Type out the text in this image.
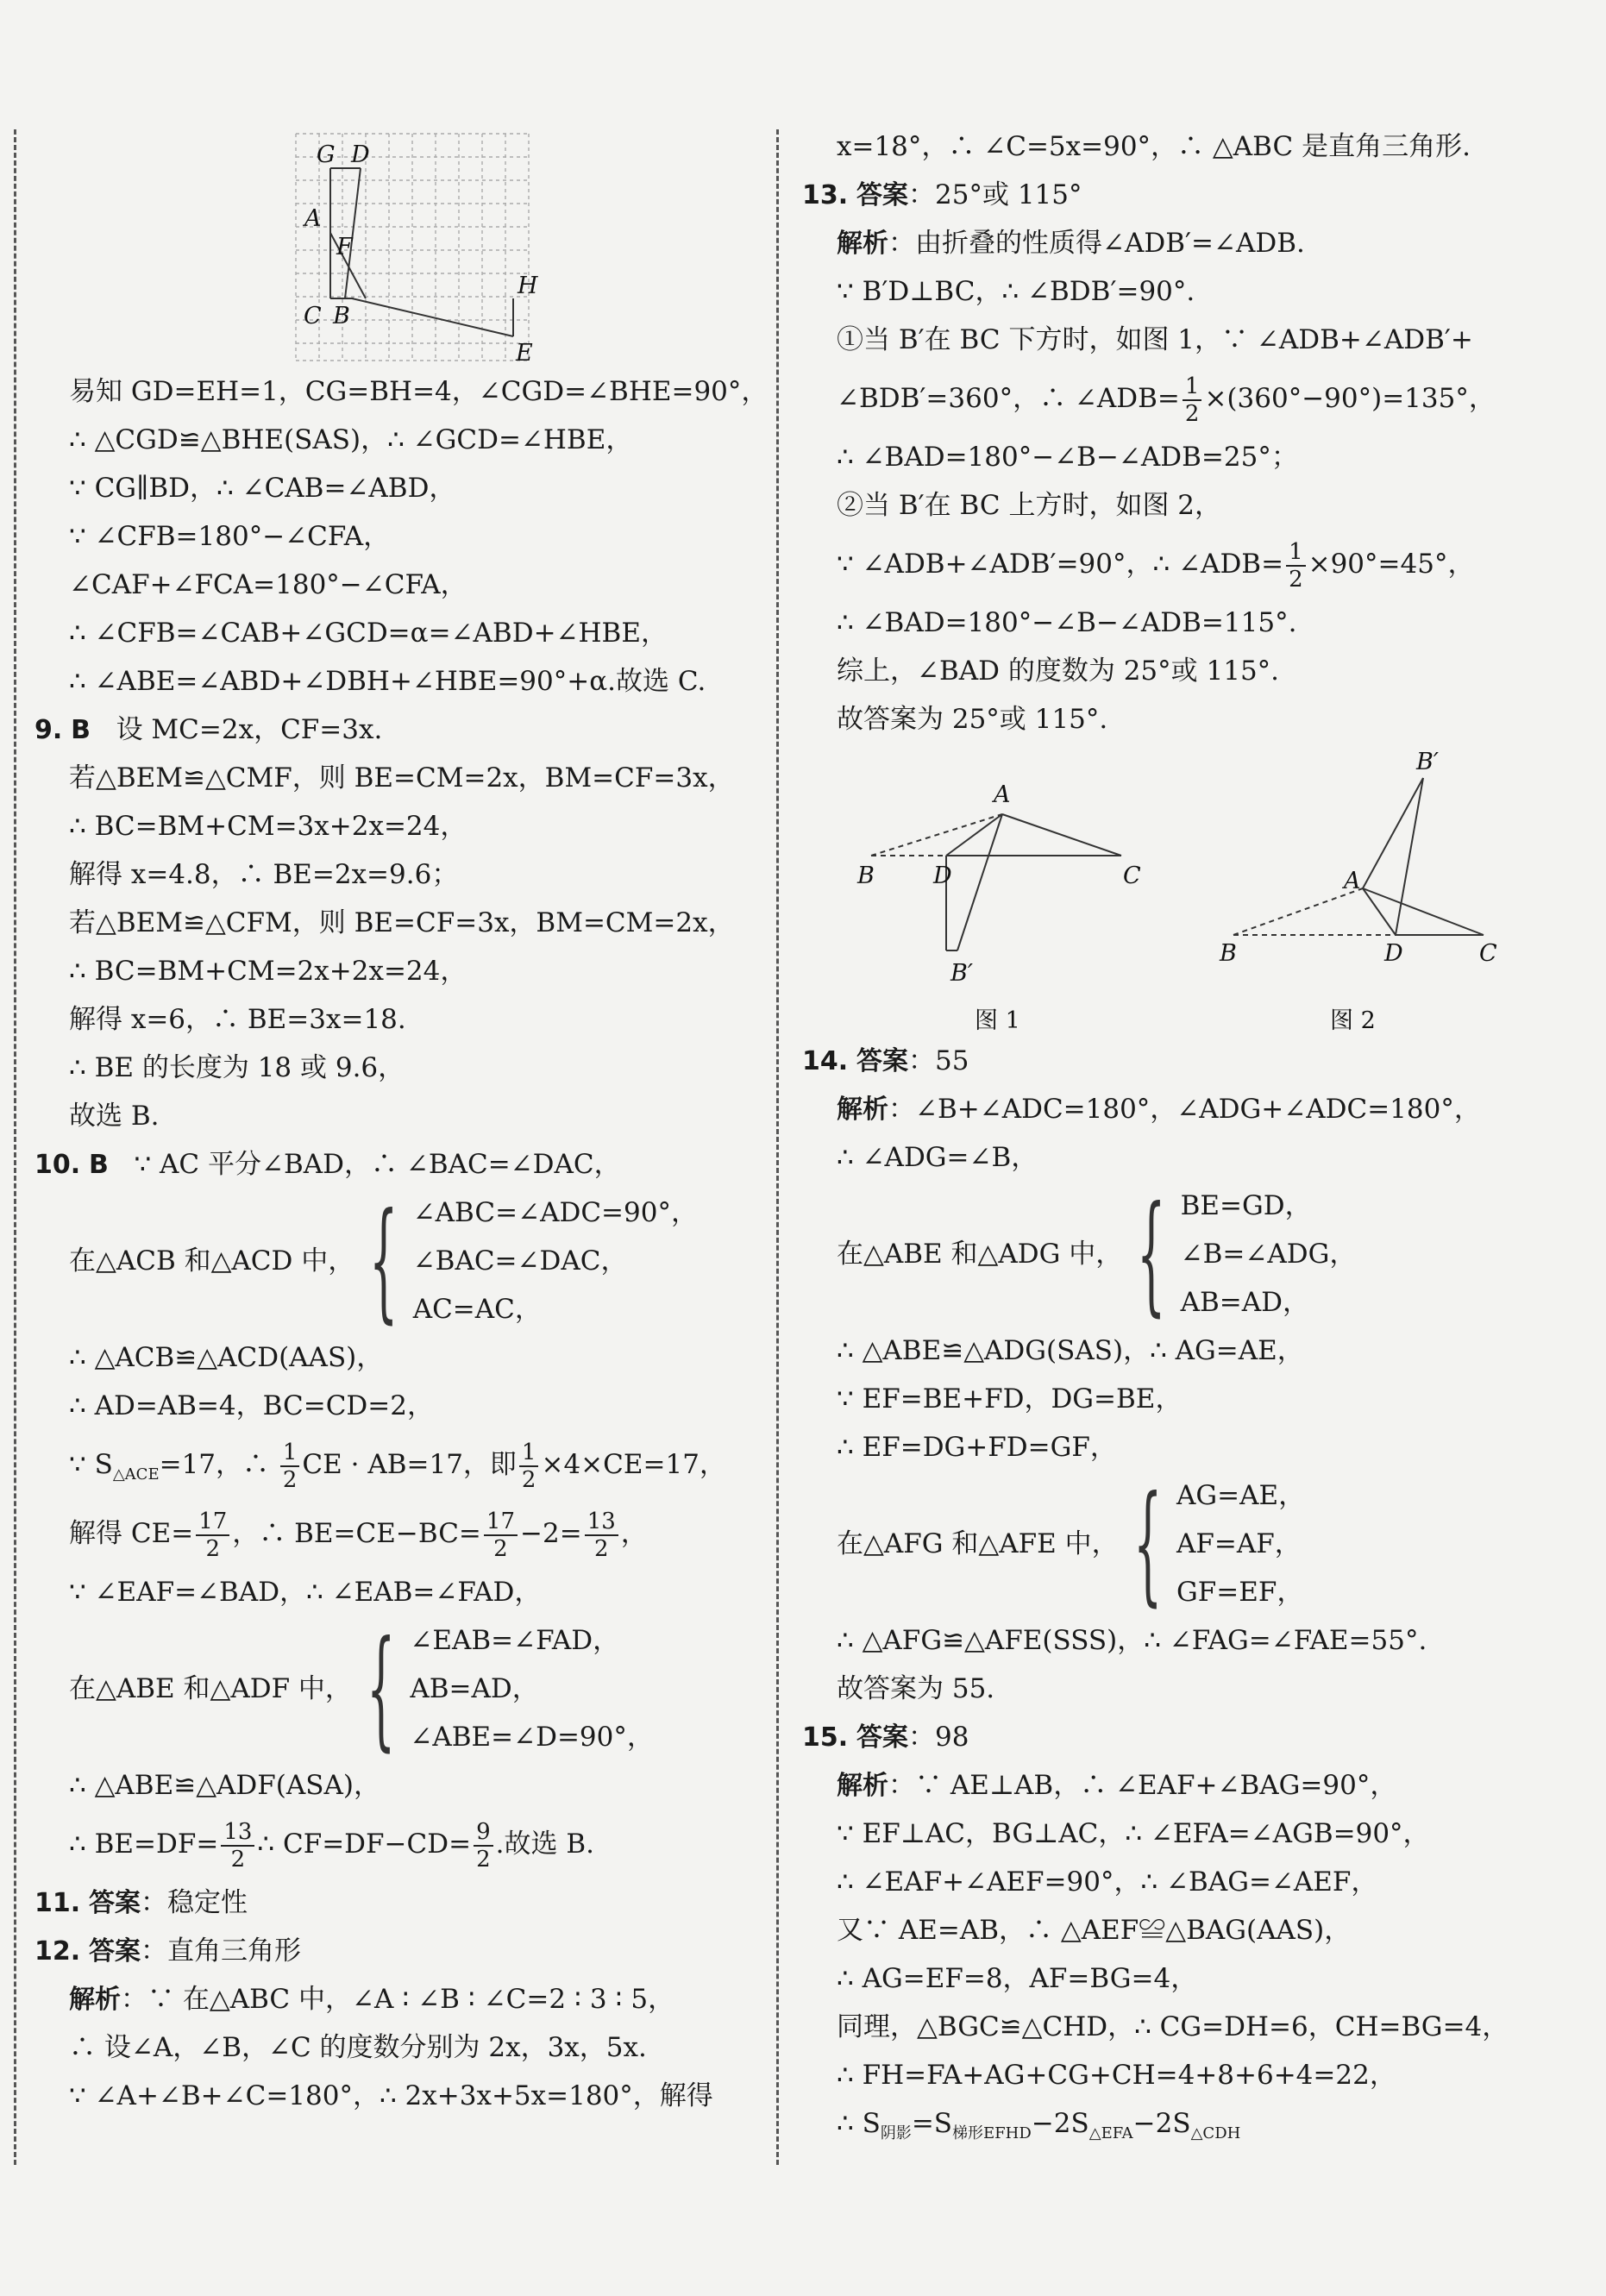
G D
A
F
H
C B
E
易知 GD=EH=1，CG=BH=4，∠CGD=∠BHE=90°，
∴ △CGD≌△BHE(SAS)，∴ ∠GCD=∠HBE，
∵ CG∥BD，∴ ∠CAB=∠ABD，
∵ ∠CFB=180°−∠CFA，
∠CAF+∠FCA=180°−∠CFA，
∴ ∠CFB=∠CAB+∠GCD=α=∠ABD+∠HBE，
∴ ∠ABE=∠ABD+∠DBH+∠HBE=90°+α.故选 C.
9. B 设 MC=2x，CF=3x.
若△BEM≌△CMF，则 BE=CM=2x，BM=CF=3x，
∴ BC=BM+CM=3x+2x=24，
解得 x=4.8，∴ BE=2x=9.6；
若△BEM≌△CFM，则 BE=CF=3x，BM=CM=2x，
∴ BC=BM+CM=2x+2x=24，
解得 x=6，∴ BE=3x=18.
∴ BE 的长度为 18 或 9.6，
故选 B.
10. B ∵ AC 平分∠BAD，∴ ∠BAC=∠DAC，
在△ACB 和△ACD 中， { ∠ABC=∠ADC=90°，
∠BAC=∠DAC，
AC=AC，
∴ △ACB≌△ACD(AAS)，
∴ AD=AB=4，BC=CD=2，
∵ $S_{\triangle ACE}=17$，∴ $\frac{1}{2}$ CE · AB=17，即 $\frac{1}{2} \times 4\times CE=17$，
解得 $CE= \frac{17}{2}$ ，∴ $BE=CE-BC= \frac{17}{2} -2= \frac{13}{2}$ ，
∵ ∠EAF=∠BAD，∴ ∠EAB=∠FAD，
在△ABE 和△ADF 中， { ∠EAB=∠FAD，
AB=AD，
∠ABE=∠D=90°，
∴ △ABE≌△ADF(ASA)，
∴ $BE=DF= \frac{13}{2}$ ∴ $CF=DF-CD= \frac{9}{2}$ .故选 B.
11. 答案：稳定性
12. 答案：直角三角形
解析：∵ 在△ABC 中，∠A ∶ ∠B ∶ ∠C=2 ∶ 3 ∶ 5，
∴ 设∠A，∠B，∠C 的度数分别为 2x，3x，5x.
∵ ∠A+∠B+∠C=180°，∴ 2x+3x+5x=180°，解得
x=18°，∴ ∠C=5x=90°，∴ △ABC 是直角三角形.
13. 答案：25°或 115°
解析：由折叠的性质得∠ADB′=∠ADB.
∵ B′D⊥BC，∴ ∠BDB′=90°.
①当 B′在 BC 下方时，如图 1，∵ ∠ADB+∠ADB′+
∠BDB′=360°，∴ ∠ADB= $\frac{1}{2} \times(360^\circ-90^\circ)=135^\circ$，
∴ ∠BAD=180°−∠B−∠ADB=25°；
②当 B′在 BC 上方时，如图 2，
∵ ∠ADB+∠ADB′=90°，∴ ∠ADB= $\frac{1}{2} \times 90^\circ=45^\circ$，
∴ ∠BAD=180°−∠B−∠ADB=115°.
综上，∠BAD 的度数为 25°或 115°.
故答案为 25°或 115°.
A
B	D	C
B′
图 1
B′
A
B	D	C
图 2
14. 答案：55
解析：∠B+∠ADC=180°，∠ADG+∠ADC=180°，
∴ ∠ADG=∠B，
在△ABE 和△ADG 中， { BE=GD，
∠B=∠ADG，
AB=AD，
∴ △ABE≌△ADG(SAS)，∴ AG=AE，
∵ EF=BE+FD，DG=BE，
∴ EF=DG+FD=GF，
在△AFG 和△AFE 中， { AG=AE，
AF=AF，
GF=EF，
∴ △AFG≌△AFE(SSS)，∴ ∠FAG=∠FAE=55°.
故答案为 55.
15. 答案：98
解析：∵ AE⊥AB，∴ ∠EAF+∠BAG=90°，
∵ EF⊥AC，BG⊥AC，∴ ∠EFA=∠AGB=90°，
∴ ∠EAF+∠AEF=90°，∴ ∠BAG=∠AEF，
又∵ AE=AB，∴ △AEF≌△BAG(AAS)，
∴ AG=EF=8，AF=BG=4，
同理，△BGC≌△CHD，∴ CG=DH=6，CH=BG=4，
∴ FH=FA+AG+CG+CH=4+8+6+4=22，
∴ $S_{阴影}=S_{梯形EFHD}-2S_{\triangle EFA}-2S_{\triangle CDH}$
